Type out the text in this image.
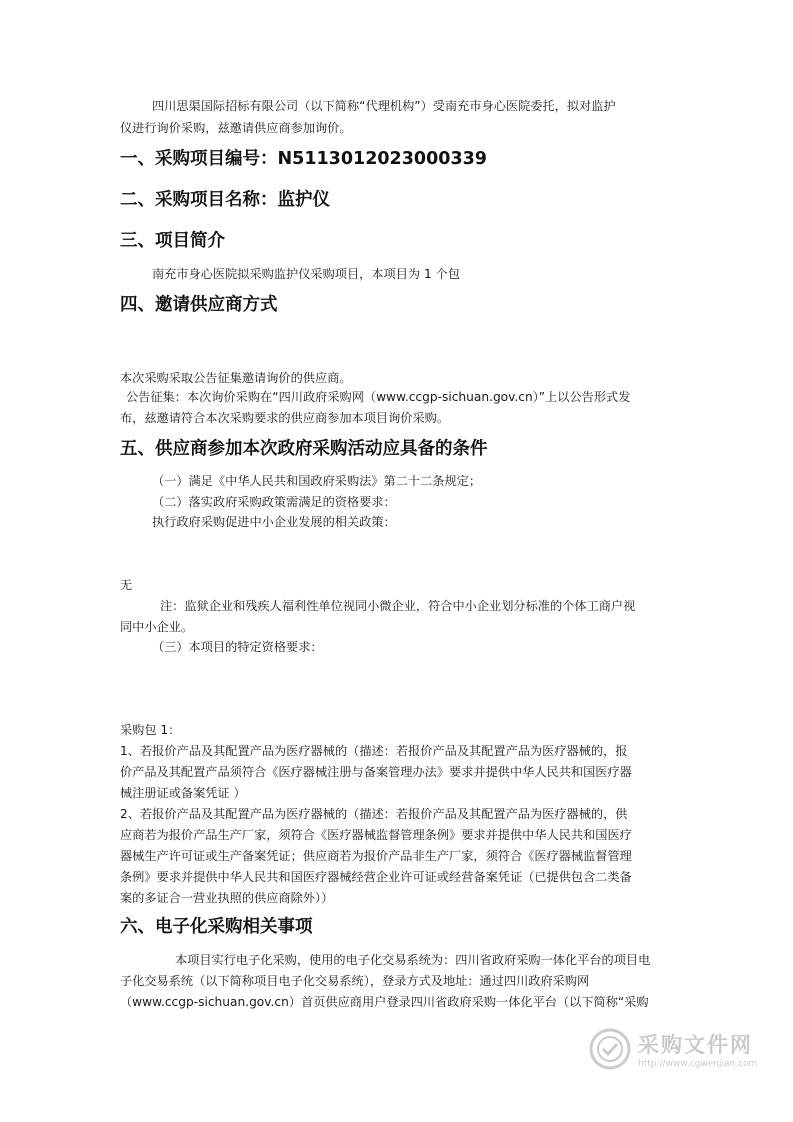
四川思渠国际招标有限公司（以下简称“代理机构”）受南充市身心医院委托，拟对监护
仪进行询价采购，兹邀请供应商参加询价。
一、采购项目编号：N5113012023000339
二、采购项目名称：监护仪
三、项目简介
南充市身心医院拟采购监护仪采购项目，本项目为 1 个包
四、邀请供应商方式
本次采购采取公告征集邀请询价的供应商。
公告征集：本次询价采购在“四川政府采购网（www.ccgp-sichuan.gov.cn）”上以公告形式发
布，兹邀请符合本次采购要求的供应商参加本项目询价采购。
五、供应商参加本次政府采购活动应具备的条件
（一）满足《中华人民共和国政府采购法》第二十二条规定；
（二）落实政府采购政策需满足的资格要求：
执行政府采购促进中小企业发展的相关政策：
无
注：监狱企业和残疾人福利性单位视同小微企业，符合中小企业划分标准的个体工商户视
同中小企业。
（三）本项目的特定资格要求：
采购包 1：
1、若报价产品及其配置产品为医疗器械的（描述：若报价产品及其配置产品为医疗器械的，报
价产品及其配置产品须符合《医疗器械注册与备案管理办法》要求并提供中华人民共和国医疗器
械注册证或备案凭证 ）
2、若报价产品及其配置产品为医疗器械的（描述：若报价产品及其配置产品为医疗器械的，供
应商若为报价产品生产厂家，须符合《医疗器械监督管理条例》要求并提供中华人民共和国医疗
器械生产许可证或生产备案凭证；供应商若为报价产品非生产厂家，须符合《医疗器械监督管理
条例》要求并提供中华人民共和国医疗器械经营企业许可证或经营备案凭证（已提供包含二类备
案的多证合一营业执照的供应商除外））
六、电子化采购相关事项
本项目实行电子化采购，使用的电子化交易系统为：四川省政府采购一体化平台的项目电
子化交易系统（以下简称项目电子化交易系统），登录方式及地址：通过四川政府采购网
（www.ccgp-sichuan.gov.cn）首页供应商用户登录四川省政府采购一体化平台（以下简称“采购
采购文件网
http://www.cgwenjian.com
